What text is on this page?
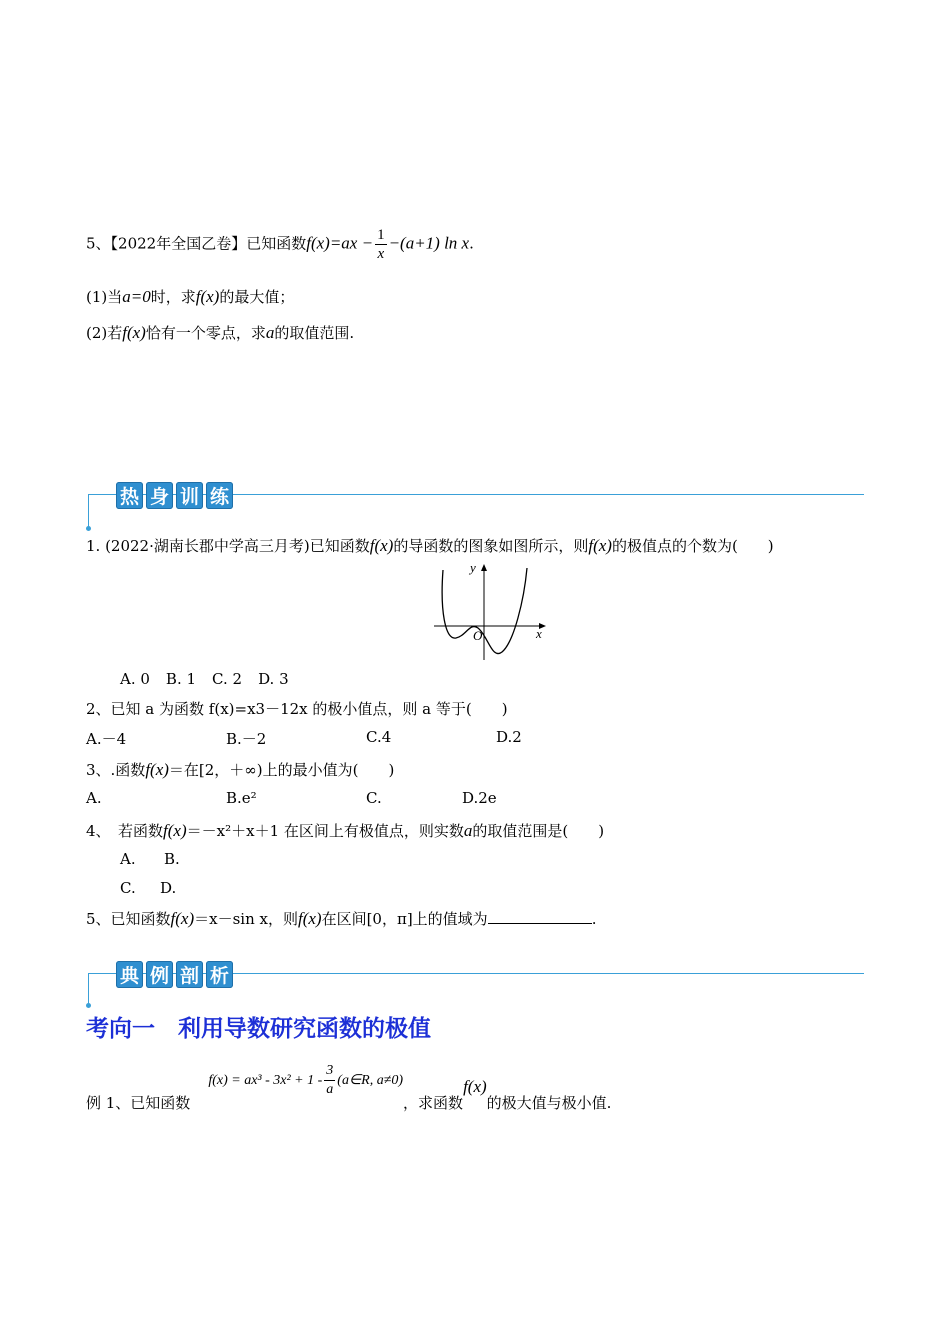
5、【2022年全国乙卷】已知函数$f(x)=ax - \frac{1}{x} -(a+1)$ ln x.
(1)当a=0时，求f(x)的最大值；
(2)若f(x)恰有一个零点，求a的取值范围.
热 身 训 练
1. (2022·湖南长郡中学高三月考)已知函数f(x)的导函数的图象如图所示，则f(x)的极值点的个数为(　　)
y
x
O
A. 0 B. 1 C. 2 D. 3
2、已知 a 为函数 f(x)=x3－12x 的极小值点，则 a 等于(　　)
A.－4	B.－2	C.4	D.2
3、.函数f(x)＝在[2，＋∞)上的最小值为(　　)
A.	B.e²	C.	D.2e
4、　若函数f(x)＝－x²＋x＋1 在区间上有极值点，则实数a的取值范围是(　　)
A. B.
C. D.
5、已知函数f(x)＝x－sin x，则f(x)在区间[0，π]上的值域为	.
典 例 剖 析
考向一　利用导数研究函数的极值
例 1、已知函数$f(x) = ax^3 - 3x^2 + 1 - \frac{3}{a}$ (a∈R, a≠0)，求函数f(x)的极大值与极小值.
